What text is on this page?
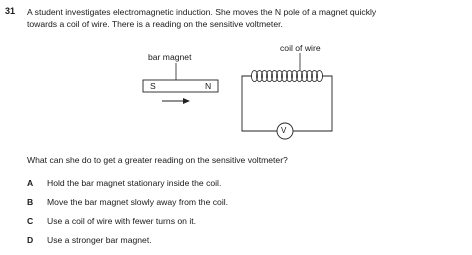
31 A student investigates electromagnetic induction. She moves the N pole of a magnet quickly
towards a coil of wire. There is a reading on the sensitive voltmeter.
bar magnet
S	N
coil of wire
V
What can she do to get a greater reading on the sensitive voltmeter?
A Hold the bar magnet stationary inside the coil.
B Move the bar magnet slowly away from the coil.
C Use a coil of wire with fewer turns on it.
D Use a stronger bar magnet.
